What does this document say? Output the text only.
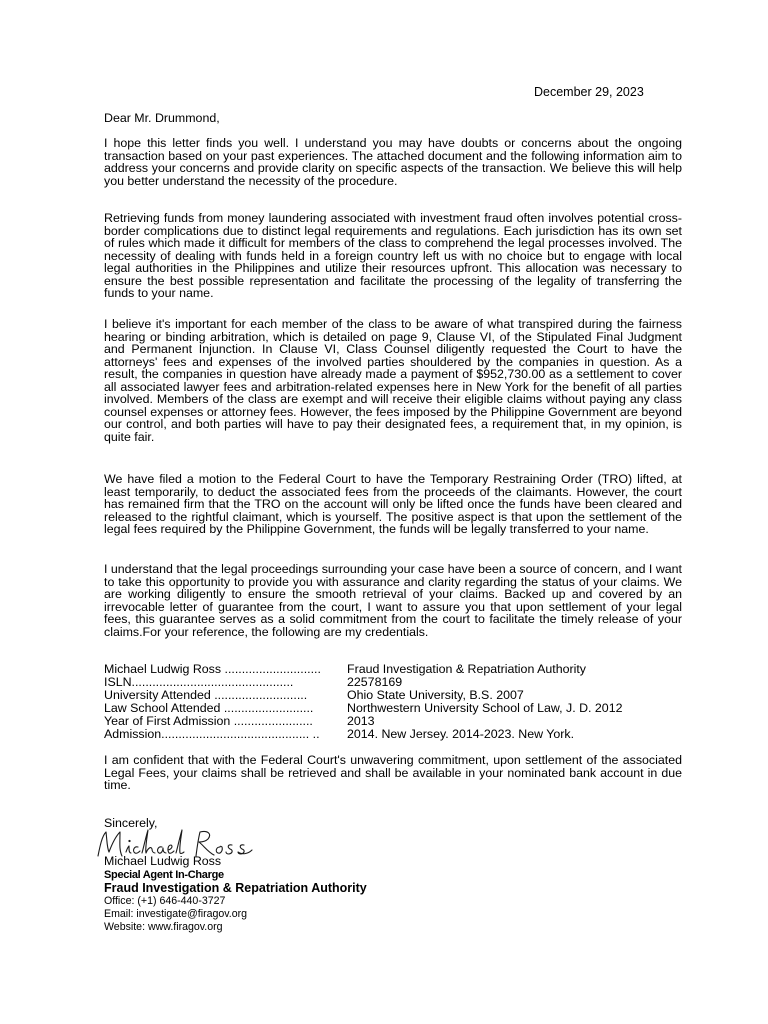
December 29, 2023
Dear Mr. Drummond,

I hope this letter finds you well. I understand you may have doubts or concerns about the ongoing transaction based on your past experiences. The attached document and the following information aim to address your concerns and provide clarity on specific aspects of the transaction. We believe this will help you better understand the necessity of the procedure.

Retrieving funds from money laundering associated with investment fraud often involves potential cross-border complications due to distinct legal requirements and regulations. Each jurisdiction has its own set of rules which made it difficult for members of the class to comprehend the legal processes involved. The necessity of dealing with funds held in a foreign country left us with no choice but to engage with local legal authorities in the Philippines and utilize their resources upfront. This allocation was necessary to ensure the best possible representation and facilitate the processing of the legality of transferring the funds to your name.

I believe it's important for each member of the class to be aware of what transpired during the fairness hearing or binding arbitration, which is detailed on page 9, Clause VI, of the Stipulated Final Judgment and Permanent Injunction. In Clause VI, Class Counsel diligently requested the Court to have the attorneys' fees and expenses of the involved parties shouldered by the companies in question. As a result, the companies in question have already made a payment of $952,730.00 as a settlement to cover all associated lawyer fees and arbitration-related expenses here in New York for the benefit of all parties involved. Members of the class are exempt and will receive their eligible claims without paying any class counsel expenses or attorney fees. However, the fees imposed by the Philippine Government are beyond our control, and both parties will have to pay their designated fees, a requirement that, in my opinion, is quite fair.

We have filed a motion to the Federal Court to have the Temporary Restraining Order (TRO) lifted, at least temporarily, to deduct the associated fees from the proceeds of the claimants. However, the court has remained firm that the TRO on the account will only be lifted once the funds have been cleared and released to the rightful claimant, which is yourself. The positive aspect is that upon the settlement of the legal fees required by the Philippine Government, the funds will be legally transferred to your name.

I understand that the legal proceedings surrounding your case have been a source of concern, and I want to take this opportunity to provide you with assurance and clarity regarding the status of your claims. We are working diligently to ensure the smooth retrieval of your claims. Backed up and covered by an irrevocable letter of guarantee from the court, I want to assure you that upon settlement of your legal fees, this guarantee serves as a solid commitment from the court to facilitate the timely release of your claims.For your reference, the following are my credentials.

Michael Ludwig Ross ............................ Fraud Investigation & Repatriation Authority
ISLN...............................................	22578169
University Attended ...........................	Ohio State University, B.S. 2007
Law School Attended ..........................	Northwestern University School of Law, J. D. 2012
Year of First Admission .......................	2013
Admission........................................... .. 2014. New Jersey. 2014-2023. New York.

I am confident that with the Federal Court's unwavering commitment, upon settlement of the associated Legal Fees, your claims shall be retrieved and shall be available in your nominated bank account in due time.

Sincerely,
Michael Ludwig Ross
Special Agent In-Charge
Fraud Investigation & Repatriation Authority
Office: (+1) 646-440-3727
Email: investigate@firagov.org
Website: www.firagov.org
